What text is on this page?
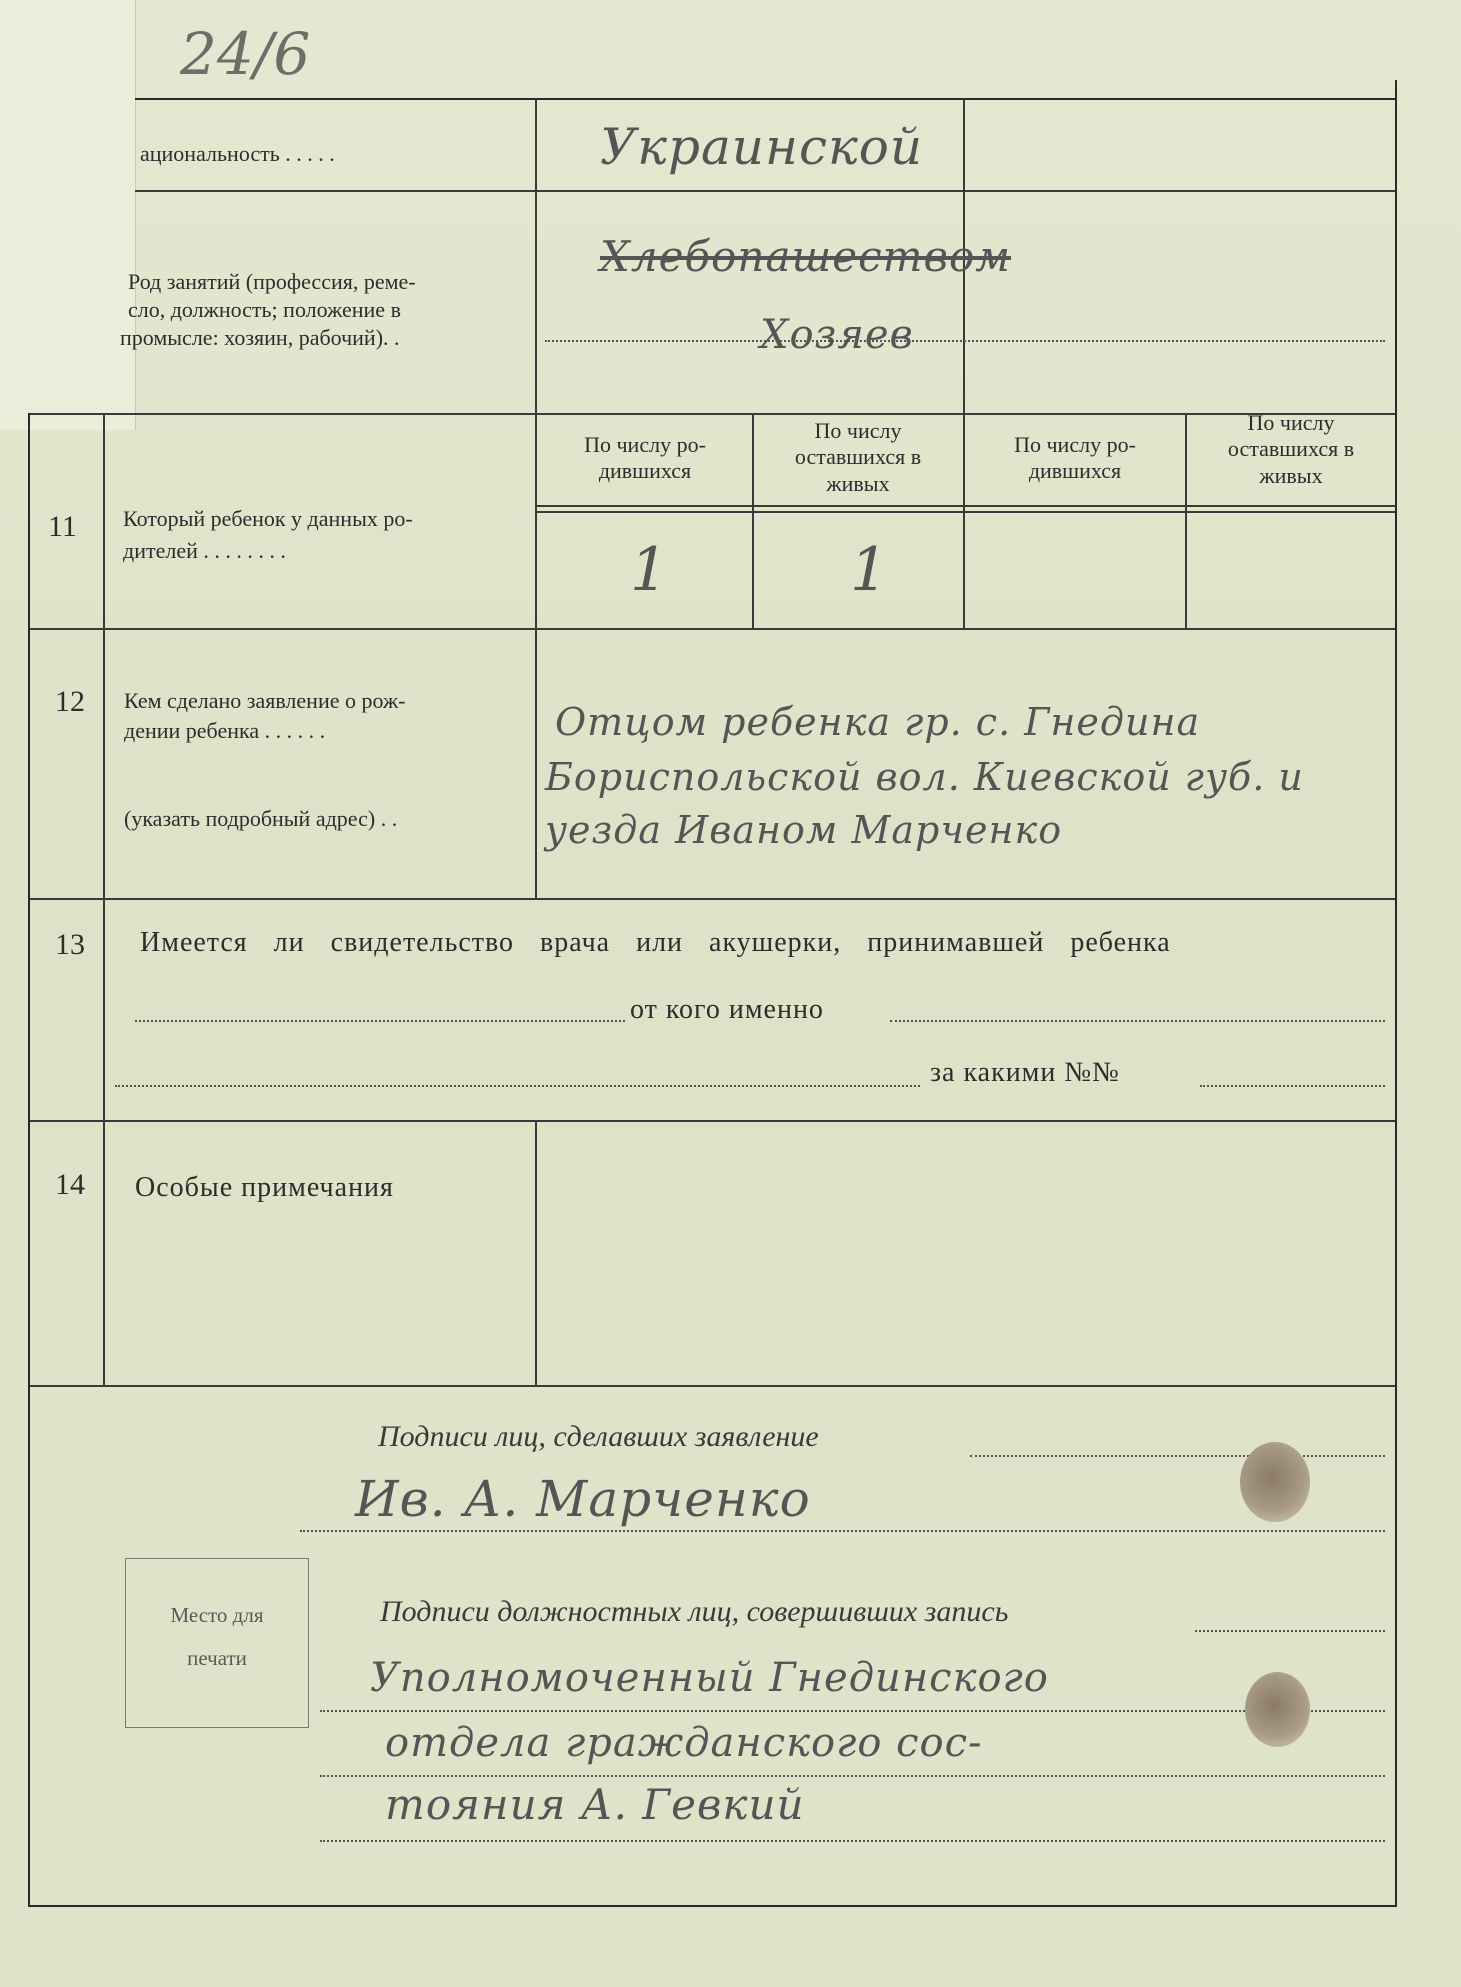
24/6
ациональность . . . . .	Украинской
Род занятий (профессия, реме-
сло, должность; положение в
промысле: хозяин, рабочий). .
Хлебопашеством
Хозяев
11 Который ребенок у данных ро-
дителей . . . . . . . .
По числу ро-
дившихся
По числу
оставшихся в
живых
По числу ро-
дившихся
По числу
оставшихся в
живых
1	1
12 Кем сделано заявление о рож-
дении ребенка . . . . . .
(указать подробный адрес) . .
Отцом ребенка гр. с. Гнедина
Бориспольской вол. Киевской губ. и
уезда Иваном Марченко
13 Имеется ли свидетельство врача или акушерки, принимавшей ребенка
от кого именно
за какими №№
14 Особые примечания
Подписи лиц, сделавших заявление
Ив. А. Марченко
Место для
печати
Подписи должностных лиц, совершивших запись
Уполномоченный Гнединского
отдела гражданского сос-
тояния А. Гевкий
